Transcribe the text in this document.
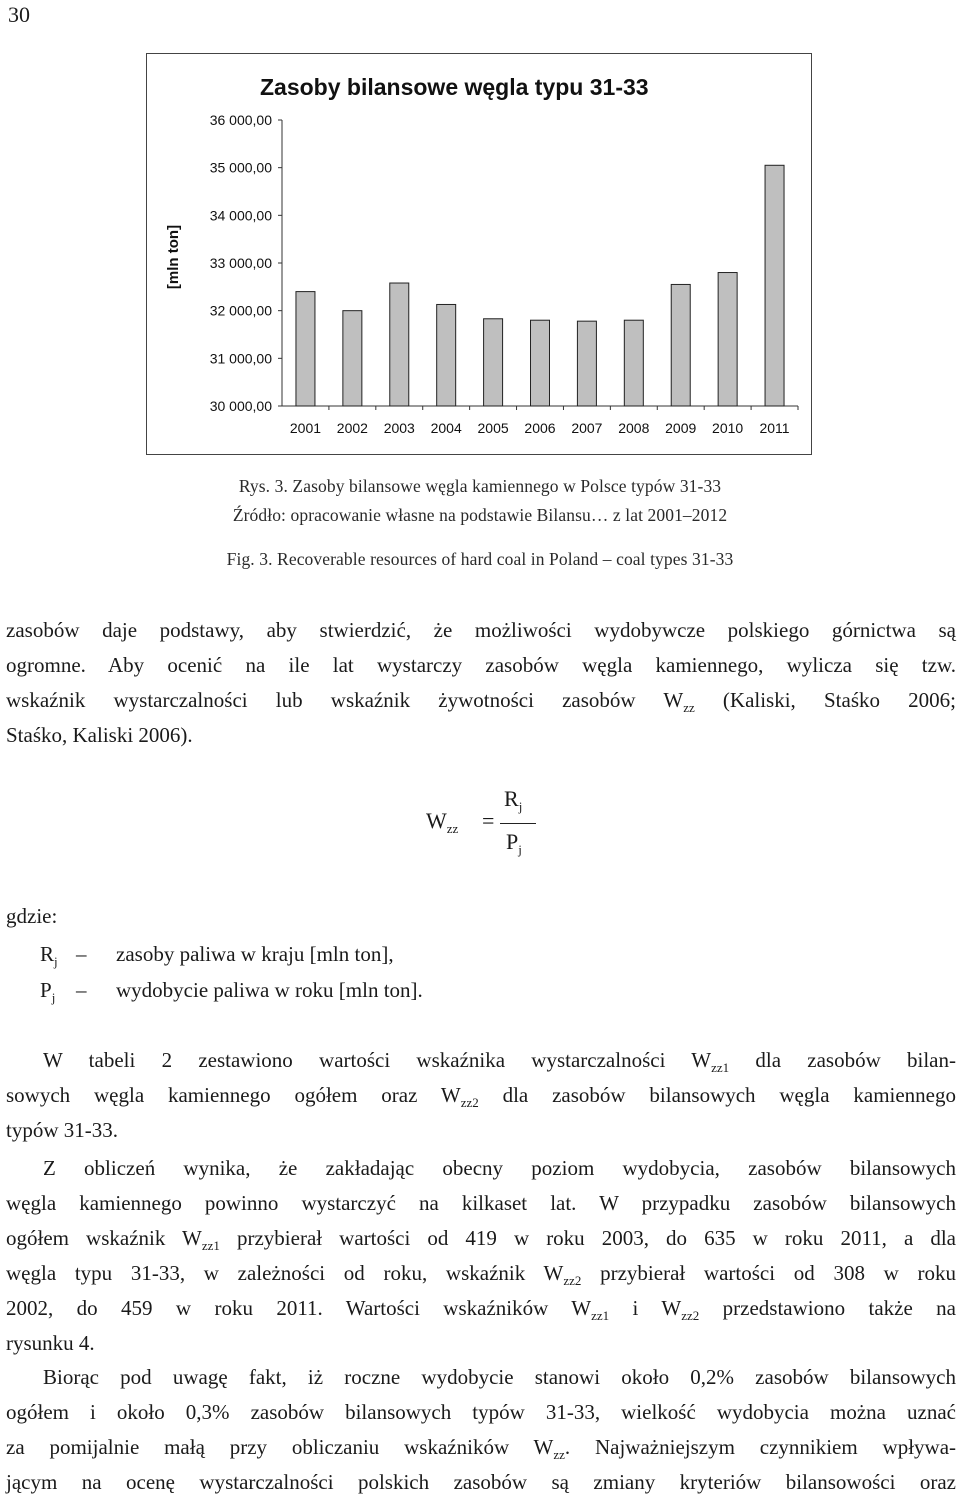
30
Zasoby bilansowe węgla typu 31-33
[mln ton]
30 000,00
31 000,00
32 000,00
33 000,00
34 000,00
35 000,00
36 000,00
2001 2002 2003 2004 2005 2006 2007 2008 2009 2010 2011
Rys. 3. Zasoby bilansowe węgla kamiennego w Polsce typów 31-33
Źródło: opracowanie własne na podstawie Bilansu… z lat 2001–2012
Fig. 3. Recoverable resources of hard coal in Poland – coal types 31-33
zasobów daje podstawy, aby stwierdzić, że możliwości wydobywcze polskiego górnictwa są
ogromne. Aby ocenić na ile lat wystarczy zasobów węgla kamiennego, wylicza się tzw.
wskaźnik wystarczalności lub wskaźnik żywotności zasobów $W_{zz}$ (Kaliski, Staśko 2006;
Staśko, Kaliski 2006).
$W_{zz}$ =
$R_j$
$P_j$
gdzie:
$R_j$ – zasoby paliwa w kraju [mln ton],
$P_j$ – wydobycie paliwa w roku [mln ton].
W tabeli 2 zestawiono wartości wskaźnika wystarczalności $W_{zz1}$ dla zasobów bilan-
sowych węgla kamiennego ogółem oraz $W_{zz2}$ dla zasobów bilansowych węgla kamiennego
typów 31-33.
Z obliczeń wynika, że zakładając obecny poziom wydobycia, zasobów bilansowych
węgla kamiennego powinno wystarczyć na kilkaset lat. W przypadku zasobów bilansowych
ogółem wskaźnik $W_{zz1}$ przybierał wartości od 419 w roku 2003, do 635 w roku 2011, a dla
węgla typu 31-33, w zależności od roku, wskaźnik $W_{zz2}$ przybierał wartości od 308 w roku
2002, do 459 w roku 2011. Wartości wskaźników $W_{zz1}$ i $W_{zz2}$ przedstawiono także na
rysunku 4.
Biorąc pod uwagę fakt, iż roczne wydobycie stanowi około 0,2% zasobów bilansowych
ogółem i około 0,3% zasobów bilansowych typów 31-33, wielkość wydobycia można uznać
za pomijalnie małą przy obliczaniu wskaźników $W_{zz}$. Najważniejszym czynnikiem wpływa-
jącym na ocenę wystarczalności polskich zasobów są zmiany kryteriów bilansowości oraz
